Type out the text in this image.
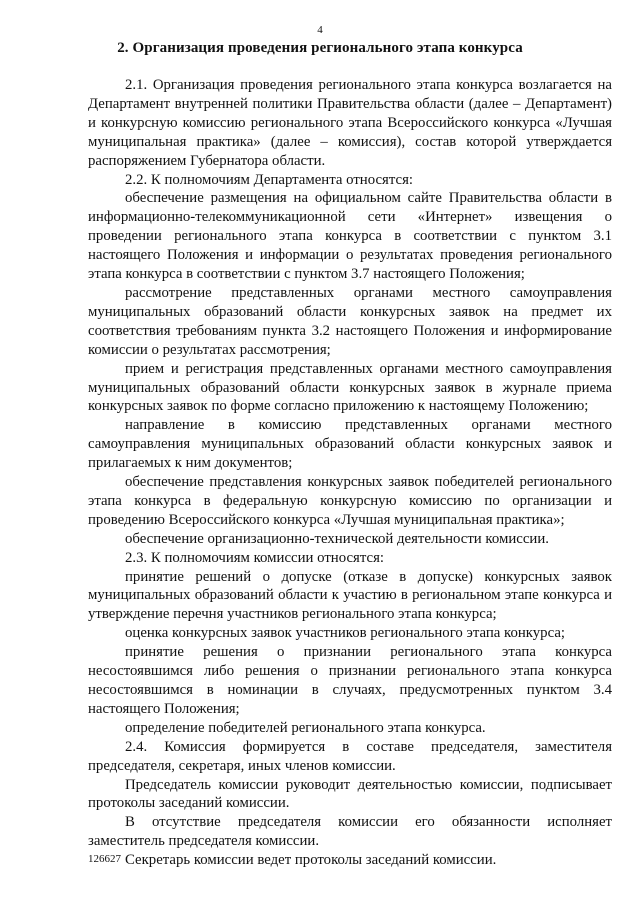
4
2. Организация проведения регионального этапа конкурса

2.1. Организация проведения регионального этапа конкурса возлагается на Департамент внутренней политики Правительства области (далее – Департамент) и конкурсную комиссию регионального этапа Всероссийского конкурса «Лучшая муниципальная практика» (далее – комиссия), состав которой утверждается распоряжением Губернатора области.

2.2. К полномочиям Департамента относятся:

обеспечение размещения на официальном сайте Правительства области в информационно-телекоммуникационной сети «Интернет» извещения о проведении регионального этапа конкурса в соответствии с пунктом 3.1 настоящего Положения и информации о результатах проведения регионального этапа конкурса в соответствии с пунктом 3.7 настоящего Положения;

рассмотрение представленных органами местного самоуправления муниципальных образований области конкурсных заявок на предмет их соответствия требованиям пункта 3.2 настоящего Положения и информирование комиссии о результатах рассмотрения;

прием и регистрация представленных органами местного самоуправления муниципальных образований области конкурсных заявок в журнале приема конкурсных заявок по форме согласно приложению к настоящему Положению;

направление в комиссию представленных органами местного самоуправления муниципальных образований области конкурсных заявок и прилагаемых к ним документов;

обеспечение представления конкурсных заявок победителей регионального этапа конкурса в федеральную конкурсную комиссию по организации и проведению Всероссийского конкурса «Лучшая муниципальная практика»;

обеспечение организационно-технической деятельности комиссии.

2.3. К полномочиям комиссии относятся:

принятие решений о допуске (отказе в допуске) конкурсных заявок муниципальных образований области к участию в региональном этапе конкурса и утверждение перечня участников регионального этапа конкурса;

оценка конкурсных заявок участников регионального этапа конкурса;

принятие решения о признании регионального этапа конкурса несостоявшимся либо решения о признании регионального этапа конкурса несостоявшимся в номинации в случаях, предусмотренных пунктом 3.4 настоящего Положения;

определение победителей регионального этапа конкурса.

2.4. Комиссия формируется в составе председателя, заместителя председателя, секретаря, иных членов комиссии.

Председатель комиссии руководит деятельностью комиссии, подписывает протоколы заседаний комиссии.

В отсутствие председателя комиссии его обязанности исполняет заместитель председателя комиссии.

Секретарь комиссии ведет протоколы заседаний комиссии.

126627
